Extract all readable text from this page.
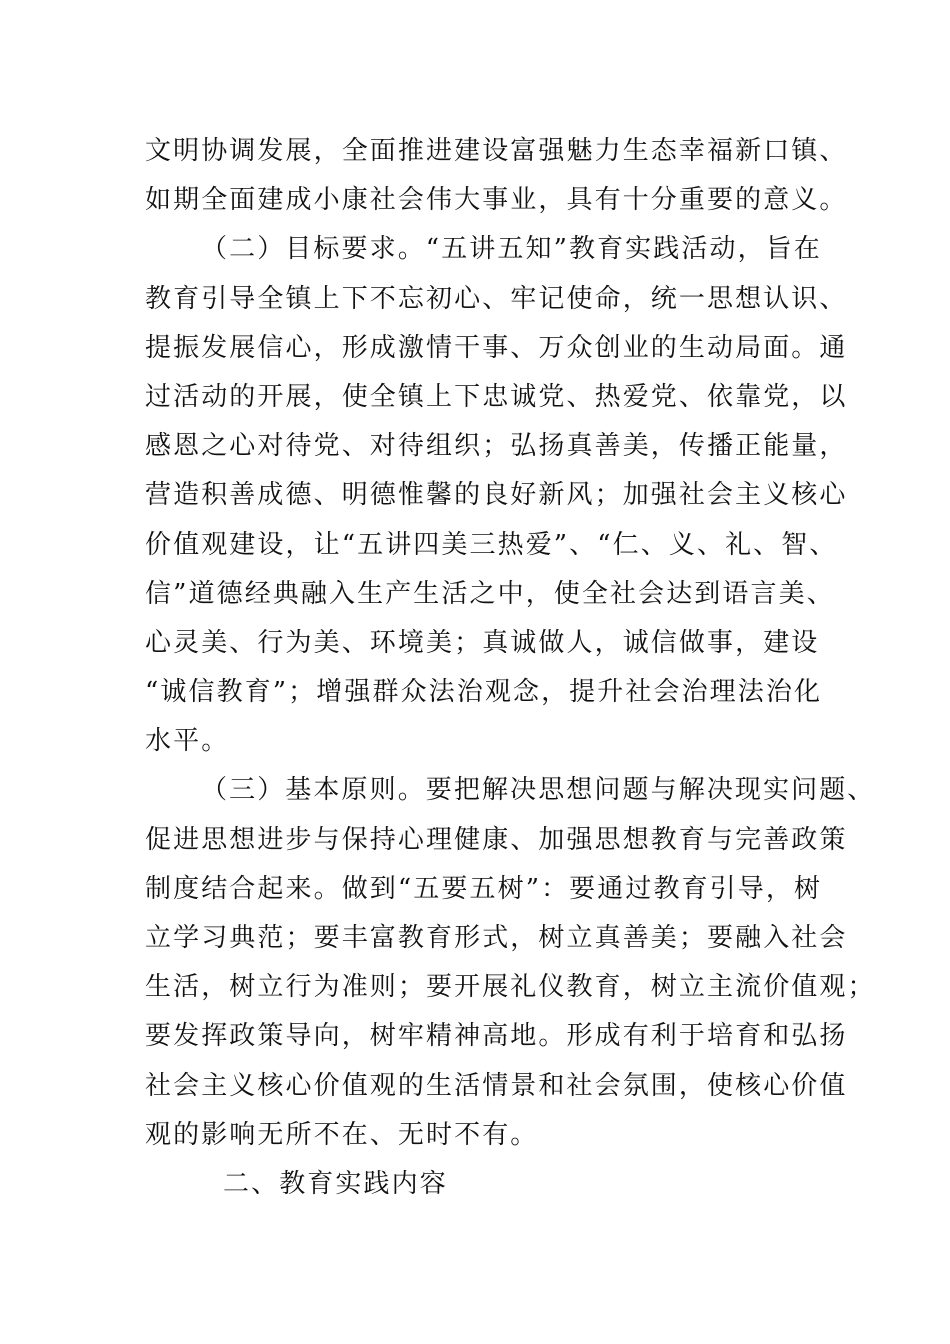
文明协调发展，全面推进建设富强魅力生态幸福新口镇、
如期全面建成小康社会伟大事业，具有十分重要的意义。
（二）目标要求。“五讲五知”教育实践活动，旨在
教育引导全镇上下不忘初心、牢记使命，统一思想认识、
提振发展信心，形成激情干事、万众创业的生动局面。通
过活动的开展，使全镇上下忠诚党、热爱党、依靠党，以
感恩之心对待党、对待组织；弘扬真善美，传播正能量，
营造积善成德、明德惟馨的良好新风；加强社会主义核心
价值观建设，让“五讲四美三热爱”、“仁、义、礼、智、
信”道德经典融入生产生活之中，使全社会达到语言美、
心灵美、行为美、环境美；真诚做人，诚信做事，建设
“诚信教育”；增强群众法治观念，提升社会治理法治化
水平。
（三）基本原则。要把解决思想问题与解决现实问题、
促进思想进步与保持心理健康、加强思想教育与完善政策
制度结合起来。做到“五要五树”：要通过教育引导，树
立学习典范；要丰富教育形式，树立真善美；要融入社会
生活，树立行为准则；要开展礼仪教育，树立主流价值观；
要发挥政策导向，树牢精神高地。形成有利于培育和弘扬
社会主义核心价值观的生活情景和社会氛围，使核心价值
观的影响无所不在、无时不有。
二、教育实践内容
